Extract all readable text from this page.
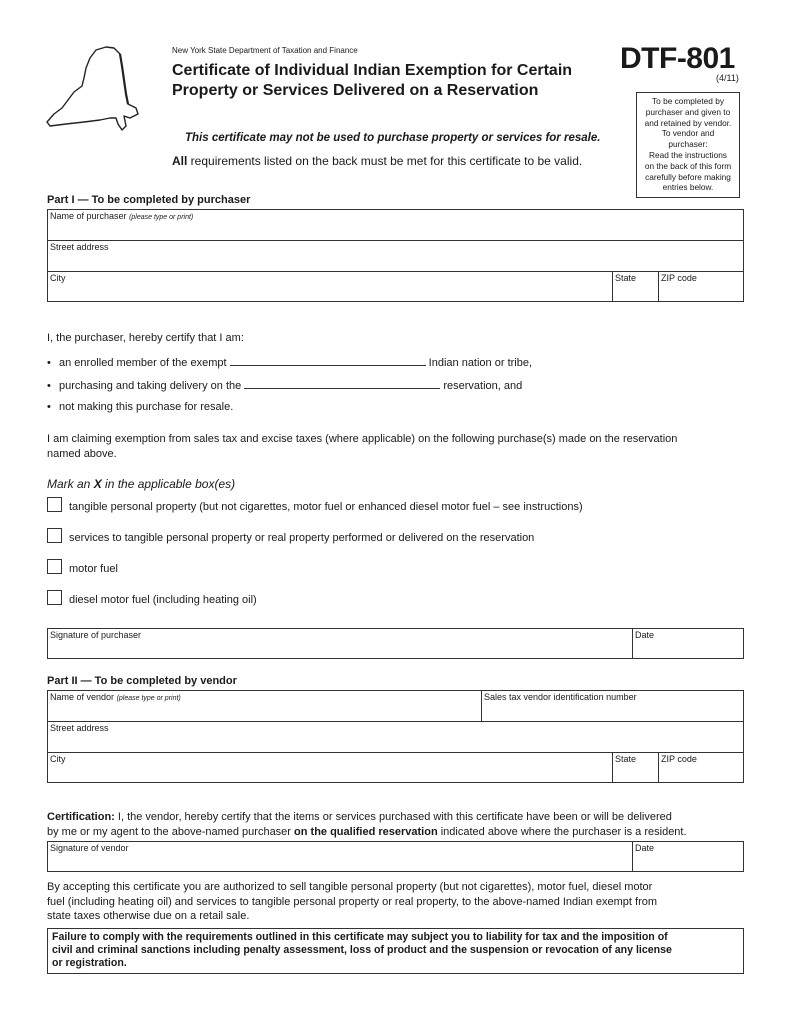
New York State Department of Taxation and Finance
Certificate of Individual Indian Exemption for Certain
Property or Services Delivered on a Reservation
DTF-801
(4/11)
To be completed by
purchaser and given to
and retained by vendor.
To vendor and
purchaser:
Read the instructions
on the back of this form
carefully before making
entries below.
This certificate may not be used to purchase property or services for resale.
All requirements listed on the back must be met for this certificate to be valid.
Part I — To be completed by purchaser
Name of purchaser (please type or print)
Street address
City	State	ZIP code
I, the purchaser, hereby certify that I am:
• an enrolled member of the exempt	Indian nation or tribe,
• purchasing and taking delivery on the	reservation, and
• not making this purchase for resale.
I am claiming exemption from sales tax and excise taxes (where applicable) on the following purchase(s) made on the reservation
named above.
Mark an X in the applicable box(es)
tangible personal property (but not cigarettes, motor fuel or enhanced diesel motor fuel – see instructions)
services to tangible personal property or real property performed or delivered on the reservation
motor fuel
diesel motor fuel (including heating oil)
Signature of purchaser	Date
Part II — To be completed by vendor
Name of vendor (please type or print)	Sales tax vendor identification number
Street address
City	State	ZIP code
Certification: I, the vendor, hereby certify that the items or services purchased with this certificate have been or will be delivered
by me or my agent to the above-named purchaser on the qualified reservation indicated above where the purchaser is a resident.
Signature of vendor	Date
By accepting this certificate you are authorized to sell tangible personal property (but not cigarettes), motor fuel, diesel motor
fuel (including heating oil) and services to tangible personal property or real property, to the above-named Indian exempt from
state taxes otherwise due on a retail sale.
Failure to comply with the requirements outlined in this certificate may subject you to liability for tax and the imposition of
civil and criminal sanctions including penalty assessment, loss of product and the suspension or revocation of any license
or registration.
